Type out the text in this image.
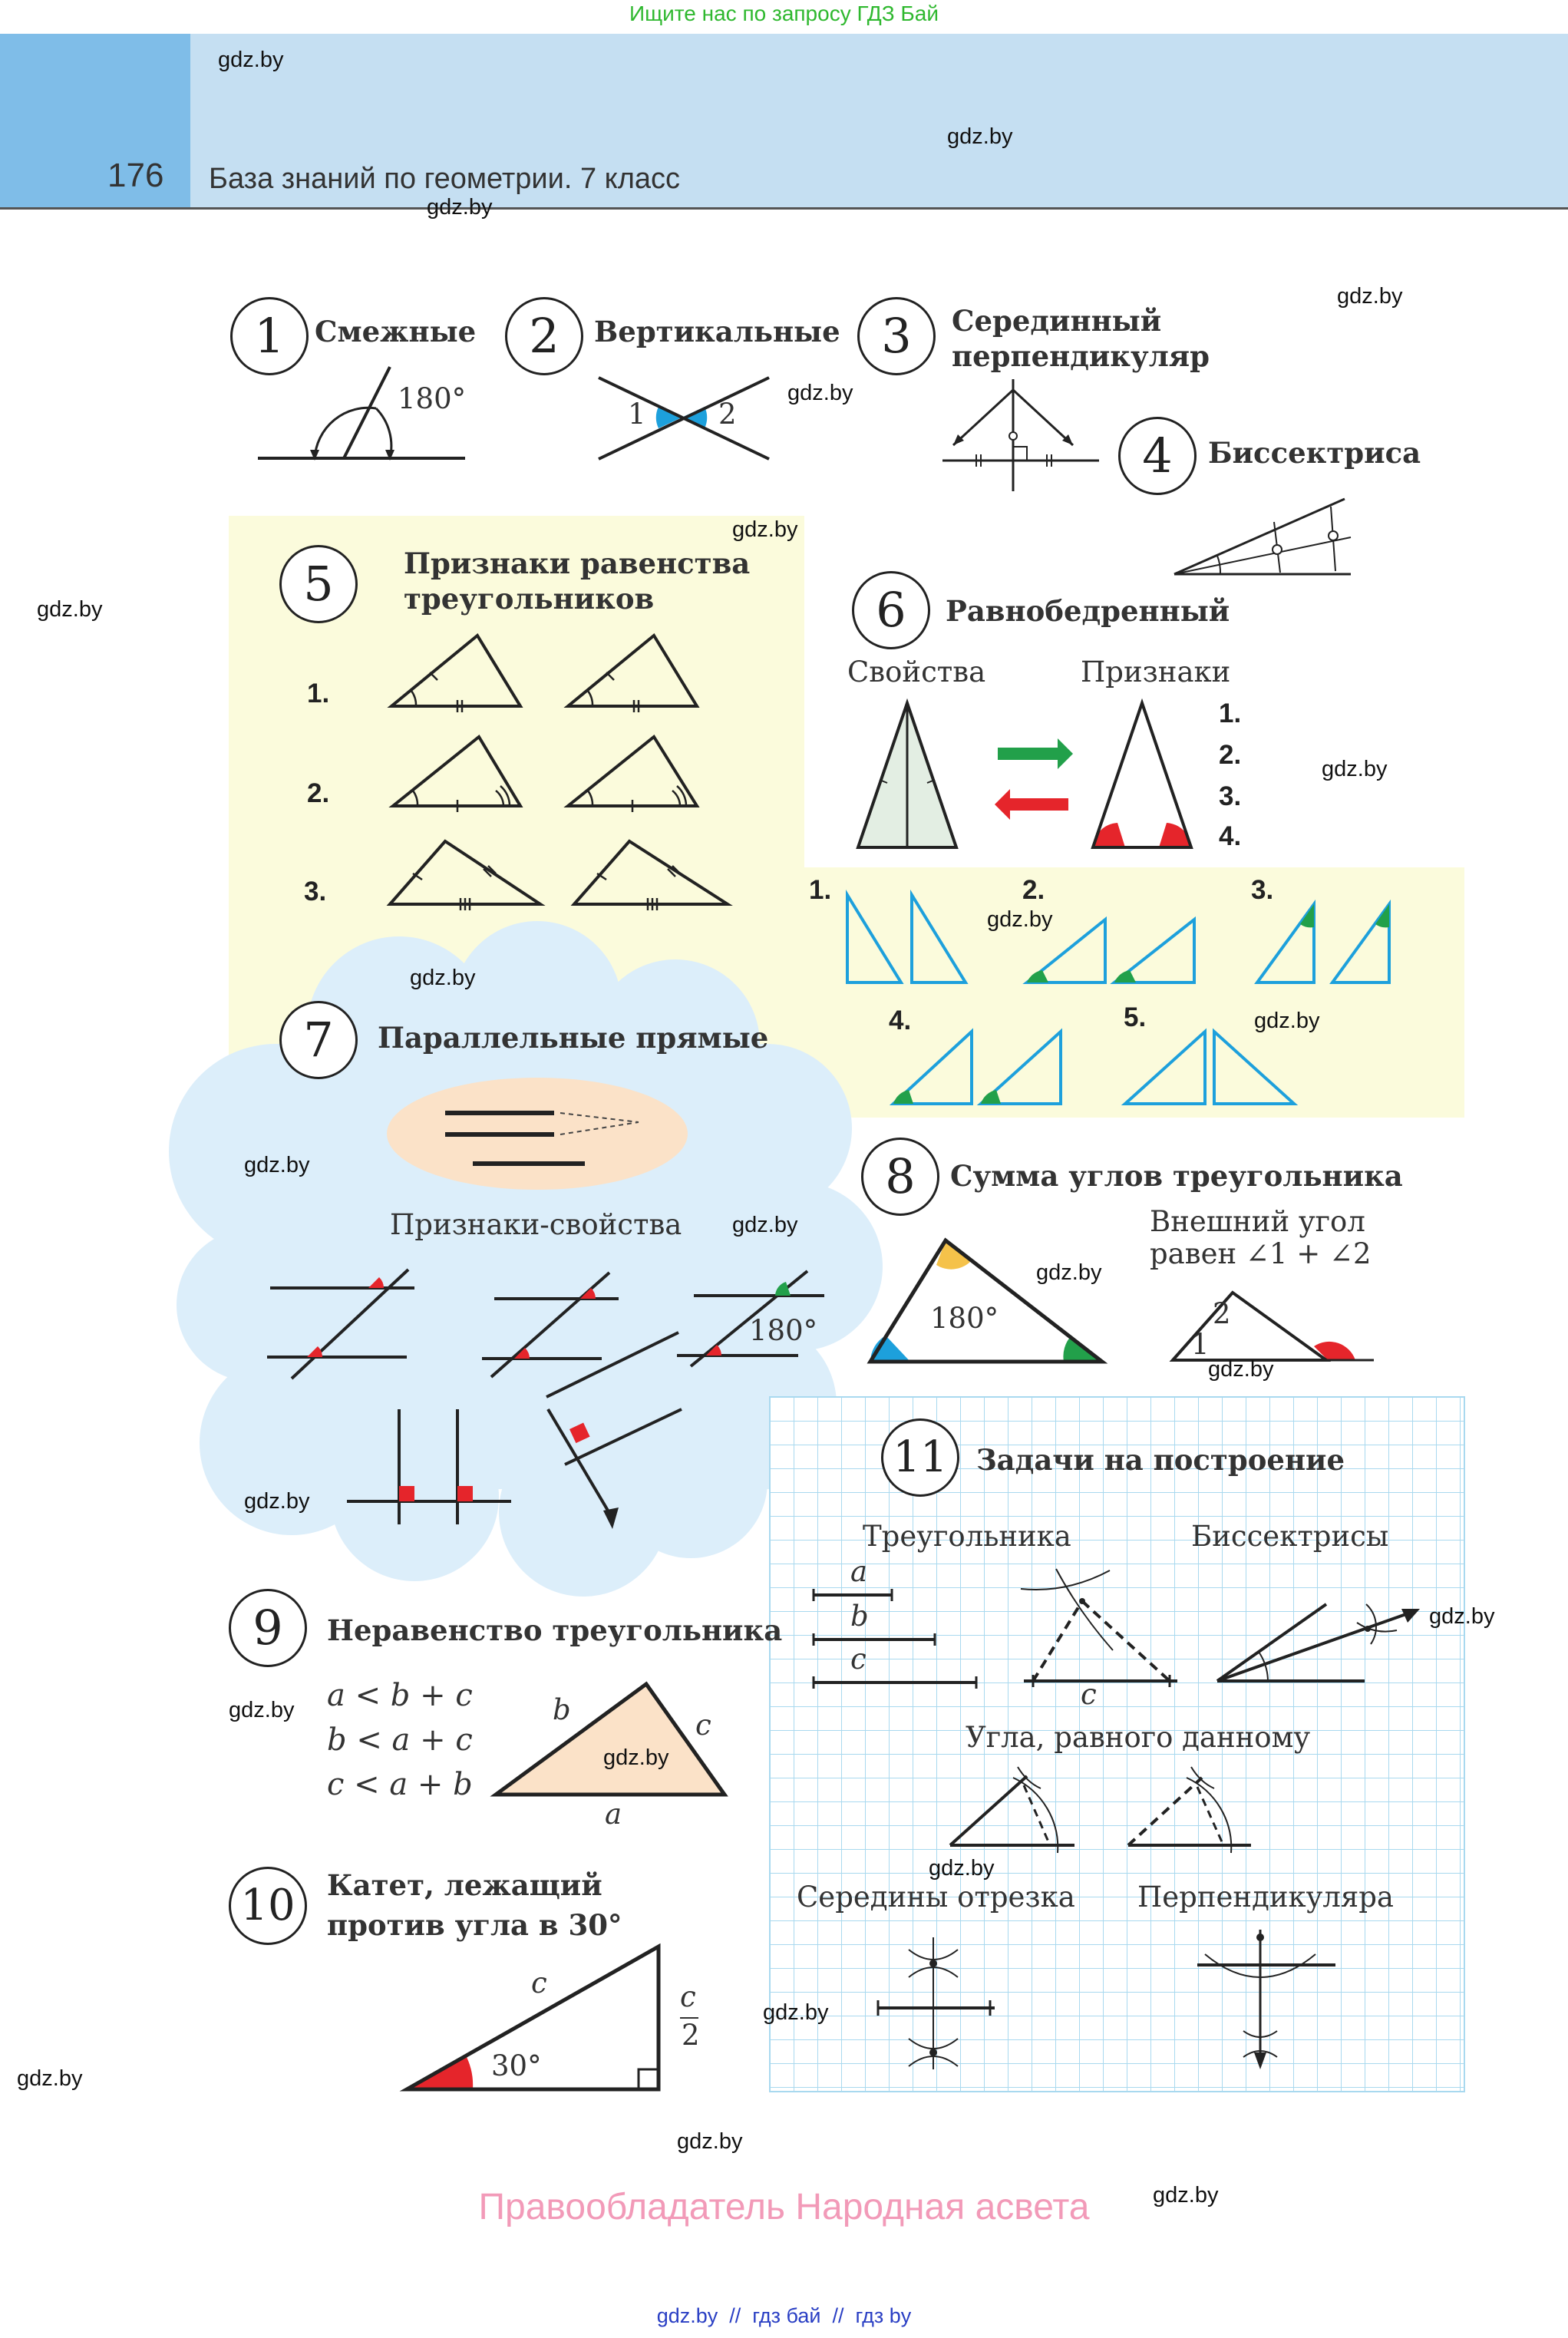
Ищите нас по запросу ГДЗ Бай
176 База знаний по геометрии. 7 класс
1	Смежные
180°
2	Вертикальные
1	2
3	Серединный
перпендикуляр
4	Биссектриса
5	Признаки равенства
треугольников
1.
2.
3.
6	Равнобедренный
Свойства	Признаки
1.
2.
3.
4.
1.	2.	3.
4.	5.
7	Параллельные прямые
Признаки-свойства
180°
8	Сумма углов треугольника
180°
Внешний угол
равен ∠1 + ∠2
2
1
9	Неравенство треугольника
a < b + c
b < a + c
c < a + b
b	c
a
10	Катет, лежащий
против угла в 30°
c	c
2
30°
11	Задачи на построение
Треугольника	Биссектрисы
a
b
c
c
Угла, равного данному
Середины отрезка Перпендикуляра
gdz.by
gdz.by
gdz.by
gdz.by
gdz.by
gdz.by
gdz.by
gdz.by
gdz.by
gdz.by
gdz.by
gdz.by
gdz.by
gdz.by
gdz.by
gdz.by
gdz.by
gdz.by
gdz.by
gdz.by
gdz.by
gdz.by
gdz.by
gdz.by
Правообладатель Народная асвета
gdz.by  //  гдз бай  //  гдз by
